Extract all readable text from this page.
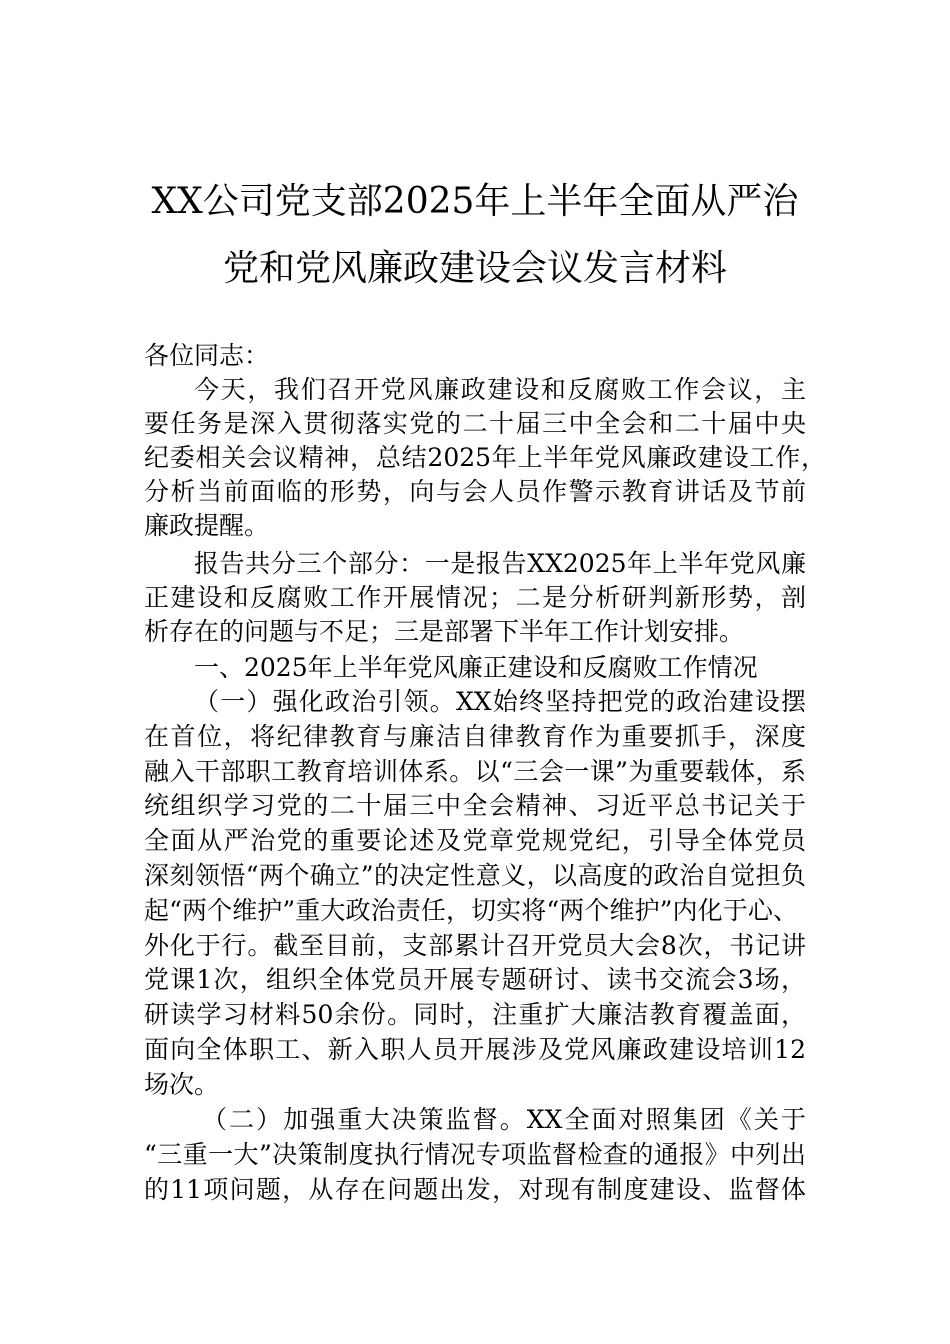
XX公司党支部2025年上半年全面从严治
党和党风廉政建设会议发言材料
各位同志：
今天，我们召开党风廉政建设和反腐败工作会议，主
要任务是深入贯彻落实党的二十届三中全会和二十届中央
纪委相关会议精神，总结2025年上半年党风廉政建设工作，
分析当前面临的形势，向与会人员作警示教育讲话及节前
廉政提醒。
报告共分三个部分：一是报告XX2025年上半年党风廉
正建设和反腐败工作开展情况；二是分析研判新形势，剖
析存在的问题与不足；三是部署下半年工作计划安排。
一、2025年上半年党风廉正建设和反腐败工作情况
（一）强化政治引领。XX始终坚持把党的政治建设摆
在首位，将纪律教育与廉洁自律教育作为重要抓手，深度
融入干部职工教育培训体系。以“三会一课”为重要载体，系
统组织学习党的二十届三中全会精神、习近平总书记关于
全面从严治党的重要论述及党章党规党纪，引导全体党员
深刻领悟“两个确立”的决定性意义，以高度的政治自觉担负
起“两个维护”重大政治责任，切实将“两个维护”内化于心、
外化于行。截至目前，支部累计召开党员大会8次，书记讲
党课1次，组织全体党员开展专题研讨、读书交流会3场，
研读学习材料50余份。同时，注重扩大廉洁教育覆盖面，
面向全体职工、新入职人员开展涉及党风廉政建设培训12
场次。
（二）加强重大决策监督。XX全面对照集团《关于
“三重一大”决策制度执行情况专项监督检查的通报》中列出
的11项问题，从存在问题出发，对现有制度建设、监督体
